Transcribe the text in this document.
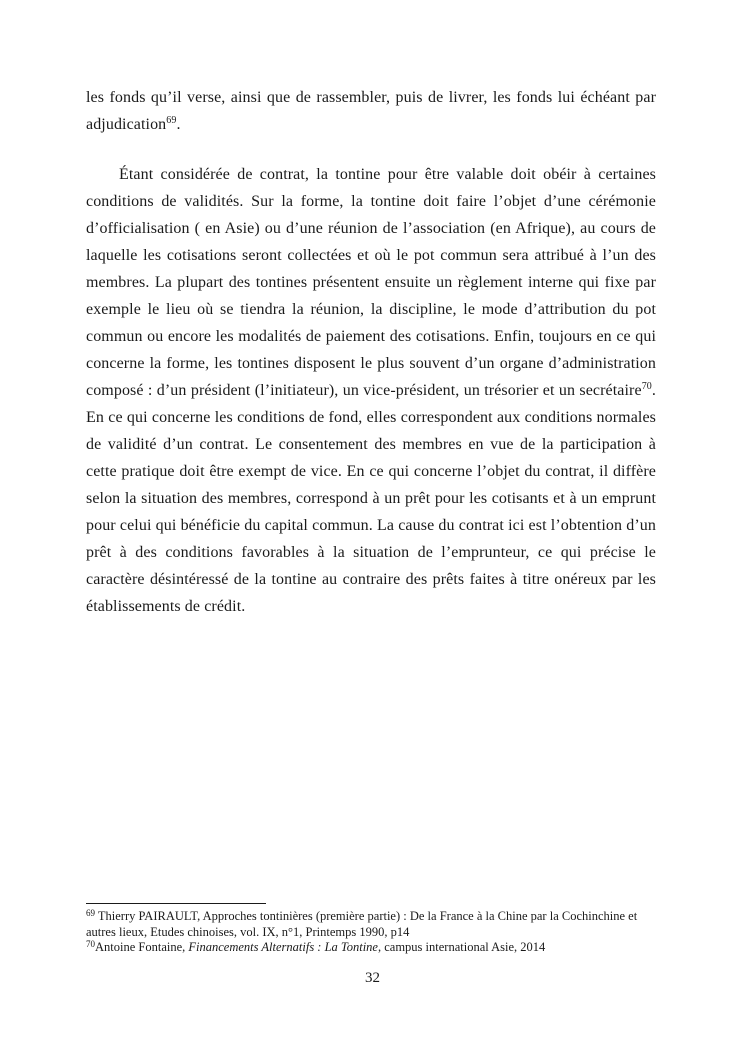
les fonds qu’il verse, ainsi que de rassembler, puis de livrer, les fonds lui échéant par adjudication$^{69}$.

Étant considérée de contrat, la tontine pour être valable doit obéir à certaines conditions de validités. Sur la forme, la tontine doit faire l’objet d’une cérémonie d’officialisation ( en Asie) ou d’une réunion de l’association (en Afrique), au cours de laquelle les cotisations seront collectées et où le pot commun sera attribué à l’un des membres. La plupart des tontines présentent ensuite un règlement interne qui fixe par exemple le lieu où se tiendra la réunion, la discipline, le mode d’attribution du pot commun ou encore les modalités de paiement des cotisations. Enfin, toujours en ce qui concerne la forme, les tontines disposent le plus souvent d’un organe d’administration composé : d’un président (l’initiateur), un vice-président, un trésorier et un secrétaire$^{70}$. En ce qui concerne les conditions de fond, elles correspondent aux conditions normales de validité d’un contrat. Le consentement des membres en vue de la participation à cette pratique doit être exempt de vice. En ce qui concerne l’objet du contrat, il diffère selon la situation des membres, correspond à un prêt pour les cotisants et à un emprunt pour celui qui bénéficie du capital commun. La cause du contrat ici est l’obtention d’un prêt à des conditions favorables à la situation de l’emprunteur, ce qui précise le caractère désintéressé de la tontine au contraire des prêts faites à titre onéreux par les établissements de crédit.

$^{69}$ Thierry PAIRAULT, Approches tontinières (première partie) : De la France à la Chine par la Cochinchine et autres lieux, Etudes chinoises, vol. IX, n°1, Printemps 1990, p14

$^{70}$Antoine Fontaine, Financements Alternatifs : La Tontine, campus international Asie, 2014

32
